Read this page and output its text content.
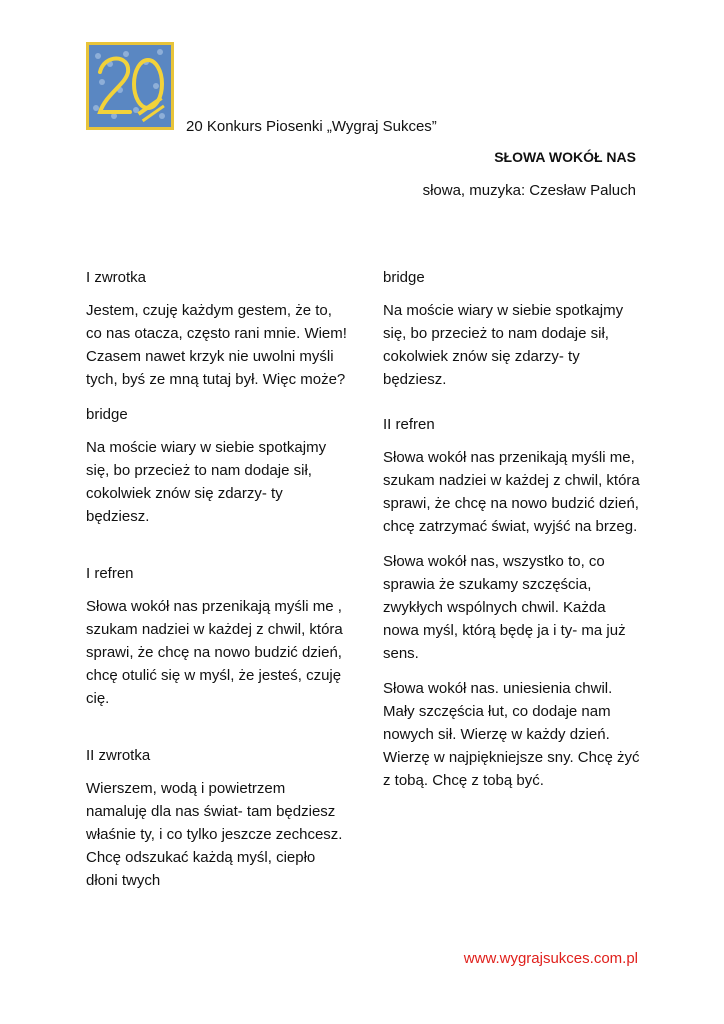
20 Konkurs Piosenki „Wygraj Sukces”
SŁOWA WOKÓŁ NAS
słowa, muzyka: Czesław Paluch

I zwrotka

Jestem, czuję każdym gestem, że to, co nas otacza, często rani mnie. Wiem! Czasem nawet krzyk nie uwolni myśli tych, byś ze mną tutaj był. Więc może?

bridge

Na moście wiary w siebie spotkajmy się, bo przecież to nam dodaje sił, cokolwiek znów się zdarzy- ty będziesz.

I refren

Słowa wokół nas przenikają myśli me , szukam nadziei w każdej z chwil, która sprawi, że chcę na nowo budzić dzień, chcę otulić się w myśl, że jesteś, czuję cię.

II zwrotka

Wierszem, wodą i powietrzem namaluję dla nas świat- tam będziesz właśnie ty, i co tylko jeszcze zechcesz. Chcę odszukać każdą myśl, ciepło dłoni twych

bridge

Na moście wiary w siebie spotkajmy się, bo przecież to nam dodaje sił, cokolwiek znów się zdarzy- ty będziesz.

II refren

Słowa wokół nas przenikają myśli me, szukam nadziei w każdej z chwil, która sprawi, że chcę na nowo budzić dzień, chcę zatrzymać świat, wyjść na brzeg.

Słowa wokół nas, wszystko to, co sprawia że szukamy szczęścia, zwykłych wspólnych chwil. Każda nowa myśl, którą będę ja i ty- ma już sens.

Słowa wokół nas. uniesienia chwil. Mały szczęścia łut, co dodaje nam nowych sił. Wierzę w każdy dzień. Wierzę w najpiękniejsze sny. Chcę żyć z tobą. Chcę z tobą być.

www.wygrajsukces.com.pl
